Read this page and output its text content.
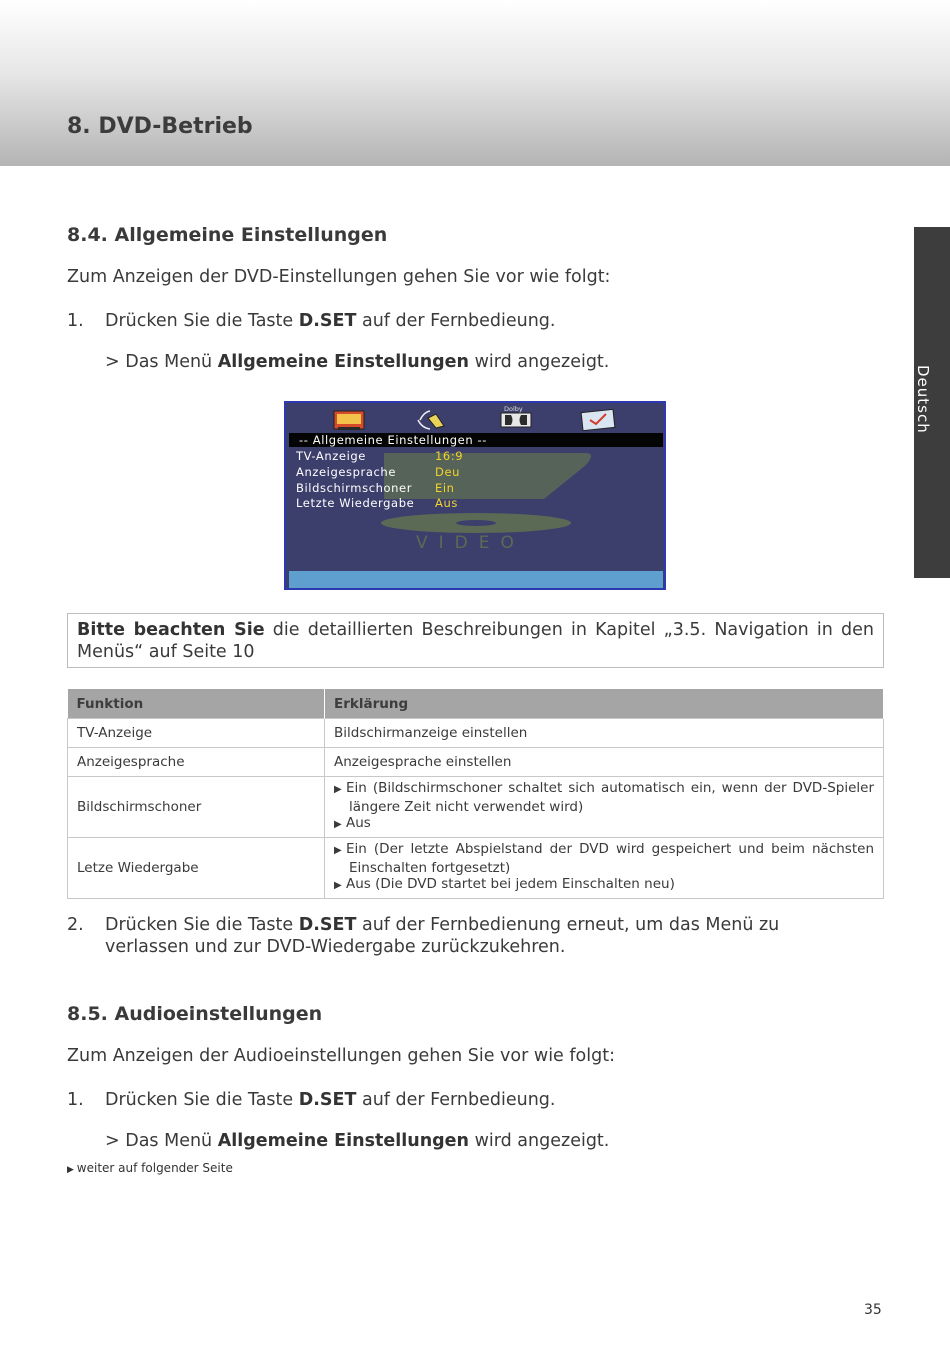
8. DVD-Betrieb
Deutsch
8.4. Allgemeine Einstellungen
Zum Anzeigen der DVD-Einstellungen gehen Sie vor wie folgt:
1. Drücken Sie die Taste D.SET auf der Fernbedieung.
> Das Menü Allgemeine Einstellungen wird angezeigt.
Dolby
-- Allgemeine Einstellungen --
TV-Anzeige	16:9
Anzeigesprache	Deu
Bildschirmschoner Ein
Letzte Wiedergabe Aus
VIDEO
Bitte beachten Sie die detaillierten Beschreibungen in Kapitel „3.5. Navigation in den Menüs“ auf Seite 10
Funktion	Erklärung
TV-Anzeige	Bildschirmanzeige einstellen
Anzeigesprache	Anzeigesprache einstellen
Bildschirmschoner	▶ Ein (Bildschirmschoner schaltet sich automatisch ein, wenn der DVD-Spieler längere Zeit nicht verwendet wird)
▶ Aus

Letze Wiedergabe	▶ Ein (Der letzte Abspielstand der DVD wird gespeichert und beim nächsten Einschalten fortgesetzt)
▶ Aus (Die DVD startet bei jedem Einschalten neu)
2. Drücken Sie die Taste D.SET auf der Fernbedienung erneut, um das Menü zu
verlassen und zur DVD-Wiedergabe zurückzukehren.
8.5. Audioeinstellungen
Zum Anzeigen der Audioeinstellungen gehen Sie vor wie folgt:
1. Drücken Sie die Taste D.SET auf der Fernbedieung.
> Das Menü Allgemeine Einstellungen wird angezeigt.
▶ weiter auf folgender Seite
35
